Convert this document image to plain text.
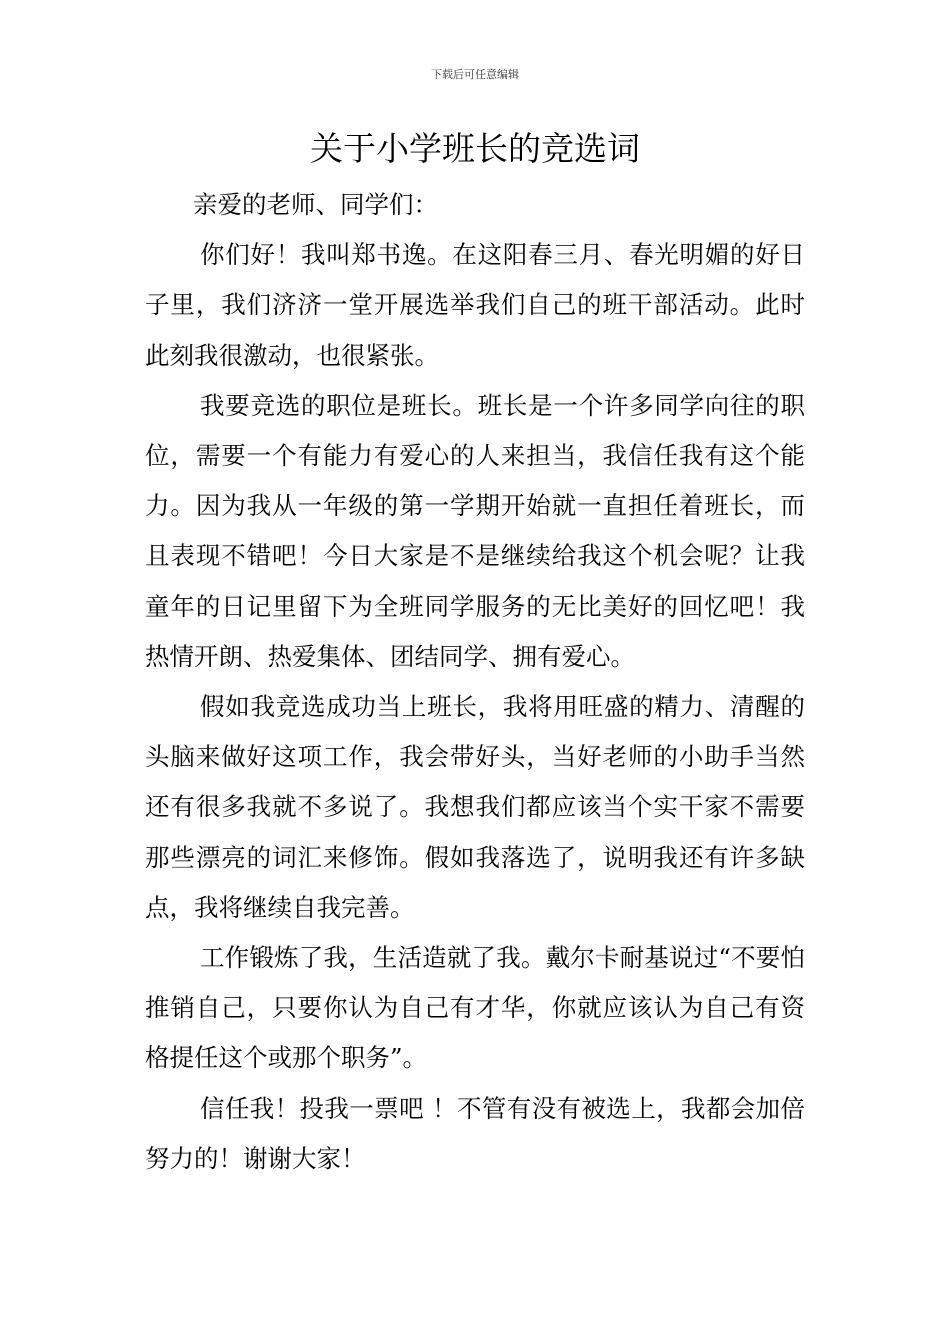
下载后可任意编辑
关于小学班长的竞选词

亲爱的老师、同学们：

你们好！我叫郑书逸。在这阳春三月、春光明媚的好日子里，我们济济一堂开展选举我们自己的班干部活动。此时此刻我很激动，也很紧张。

我要竞选的职位是班长。班长是一个许多同学向往的职位，需要一个有能力有爱心的人来担当，我信任我有这个能力。因为我从一年级的第一学期开始就一直担任着班长，而且表现不错吧！今日大家是不是继续给我这个机会呢？让我童年的日记里留下为全班同学服务的无比美好的回忆吧！我热情开朗、热爱集体、团结同学、拥有爱心。

假如我竞选成功当上班长，我将用旺盛的精力、清醒的头脑来做好这项工作，我会带好头，当好老师的小助手当然还有很多我就不多说了。我想我们都应该当个实干家不需要那些漂亮的词汇来修饰。假如我落选了，说明我还有许多缺点，我将继续自我完善。

工作锻炼了我，生活造就了我。戴尔卡耐基说过“不要怕推销自己，只要你认为自己有才华，你就应该认为自己有资格提任这个或那个职务”。

信任我！投我一票吧 ！不管有没有被选上，我都会加倍努力的！谢谢大家！
